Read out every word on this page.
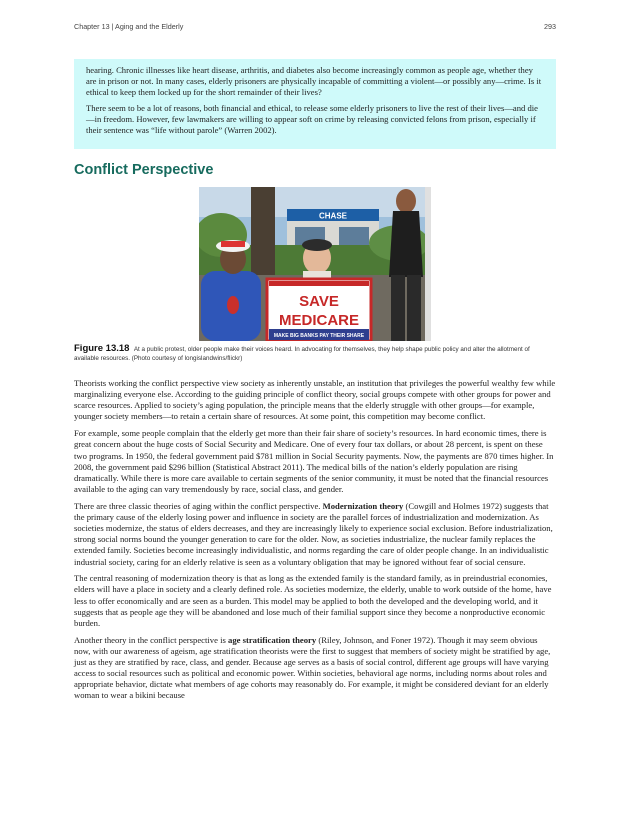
Chapter 13 | Aging and the Elderly	293

hearing. Chronic illnesses like heart disease, arthritis, and diabetes also become increasingly common as people age, whether they are in prison or not. In many cases, elderly prisoners are physically incapable of committing a violent—or possibly any—crime. Is it ethical to keep them locked up for the short remainder of their lives?

There seem to be a lot of reasons, both financial and ethical, to release some elderly prisoners to live the rest of their lives—and die—in freedom. However, few lawmakers are willing to appear soft on crime by releasing convicted felons from prison, especially if their sentence was “life without parole” (Warren 2002).

Conflict Perspective
CHASE
SAVE
MEDICARE
MAKE BIG BANKS PAY THEIR SHARE
Figure 13.18 At a public protest, older people make their voices heard. In advocating for themselves, they help shape public policy and alter the allotment of available resources. (Photo courtesy of longislandwins/flickr)

Theorists working the conflict perspective view society as inherently unstable, an institution that privileges the powerful wealthy few while marginalizing everyone else. According to the guiding principle of conflict theory, social groups compete with other groups for power and scarce resources. Applied to society’s aging population, the principle means that the elderly struggle with other groups—for example, younger society members—to retain a certain share of resources. At some point, this competition may become conflict.

For example, some people complain that the elderly get more than their fair share of society’s resources. In hard economic times, there is great concern about the huge costs of Social Security and Medicare. One of every four tax dollars, or about 28 percent, is spent on these two programs. In 1950, the federal government paid $781 million in Social Security payments. Now, the payments are 870 times higher. In 2008, the government paid $296 billion (Statistical Abstract 2011). The medical bills of the nation’s elderly population are rising dramatically. While there is more care available to certain segments of the senior community, it must be noted that the financial resources available to the aging can vary tremendously by race, social class, and gender.

There are three classic theories of aging within the conflict perspective. Modernization theory (Cowgill and Holmes 1972) suggests that the primary cause of the elderly losing power and influence in society are the parallel forces of industrialization and modernization. As societies modernize, the status of elders decreases, and they are increasingly likely to experience social exclusion. Before industrialization, strong social norms bound the younger generation to care for the older. Now, as societies industrialize, the nuclear family replaces the extended family. Societies become increasingly individualistic, and norms regarding the care of older people change. In an individualistic industrial society, caring for an elderly relative is seen as a voluntary obligation that may be ignored without fear of social censure.

The central reasoning of modernization theory is that as long as the extended family is the standard family, as in preindustrial economies, elders will have a place in society and a clearly defined role. As societies modernize, the elderly, unable to work outside of the home, have less to offer economically and are seen as a burden. This model may be applied to both the developed and the developing world, and it suggests that as people age they will be abandoned and lose much of their familial support since they become a nonproductive economic burden.

Another theory in the conflict perspective is age stratification theory (Riley, Johnson, and Foner 1972). Though it may seem obvious now, with our awareness of ageism, age stratification theorists were the first to suggest that members of society might be stratified by age, just as they are stratified by race, class, and gender. Because age serves as a basis of social control, different age groups will have varying access to social resources such as political and economic power. Within societies, behavioral age norms, including norms about roles and appropriate behavior, dictate what members of age cohorts may reasonably do. For example, it might be considered deviant for an elderly woman to wear a bikini because
